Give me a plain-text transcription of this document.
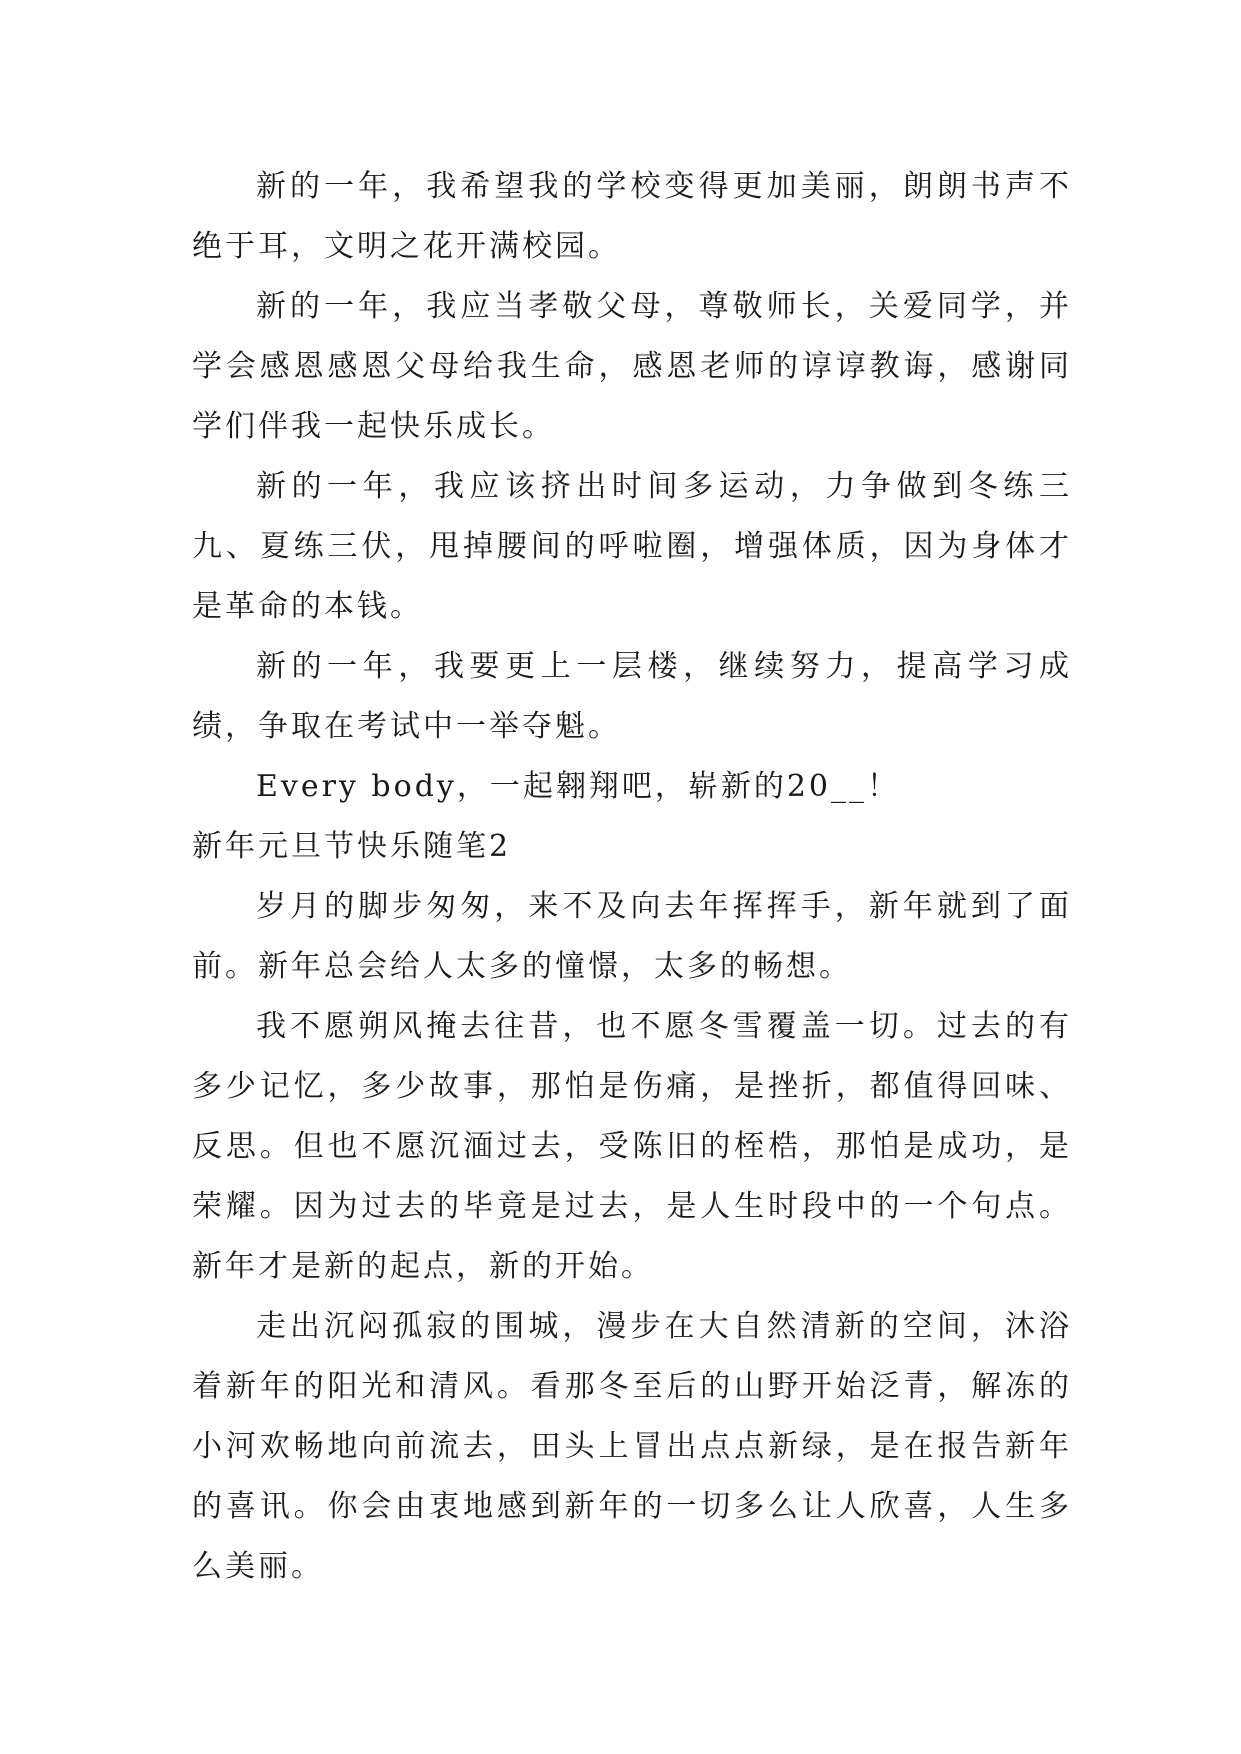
新的一年，我希望我的学校变得更加美丽，朗朗书声不绝于耳，文明之花开满校园。

新的一年，我应当孝敬父母，尊敬师长，关爱同学，并学会感恩感恩父母给我生命，感恩老师的谆谆教诲，感谢同学们伴我一起快乐成长。

新的一年，我应该挤出时间多运动，力争做到冬练三九、夏练三伏，甩掉腰间的呼啦圈，增强体质，因为身体才是革命的本钱。

新的一年，我要更上一层楼，继续努力，提高学习成绩，争取在考试中一举夺魁。

Every body，一起翱翔吧，崭新的20__！

新年元旦节快乐随笔2

岁月的脚步匆匆，来不及向去年挥挥手，新年就到了面前。新年总会给人太多的憧憬，太多的畅想。

我不愿朔风掩去往昔，也不愿冬雪覆盖一切。过去的有多少记忆，多少故事，那怕是伤痛，是挫折，都值得回味、反思。但也不愿沉湎过去，受陈旧的桎梏，那怕是成功，是荣耀。因为过去的毕竟是过去，是人生时段中的一个句点。新年才是新的起点，新的开始。

走出沉闷孤寂的围城，漫步在大自然清新的空间，沐浴着新年的阳光和清风。看那冬至后的山野开始泛青，解冻的小河欢畅地向前流去，田头上冒出点点新绿，是在报告新年的喜讯。你会由衷地感到新年的一切多么让人欣喜，人生多么美丽。
